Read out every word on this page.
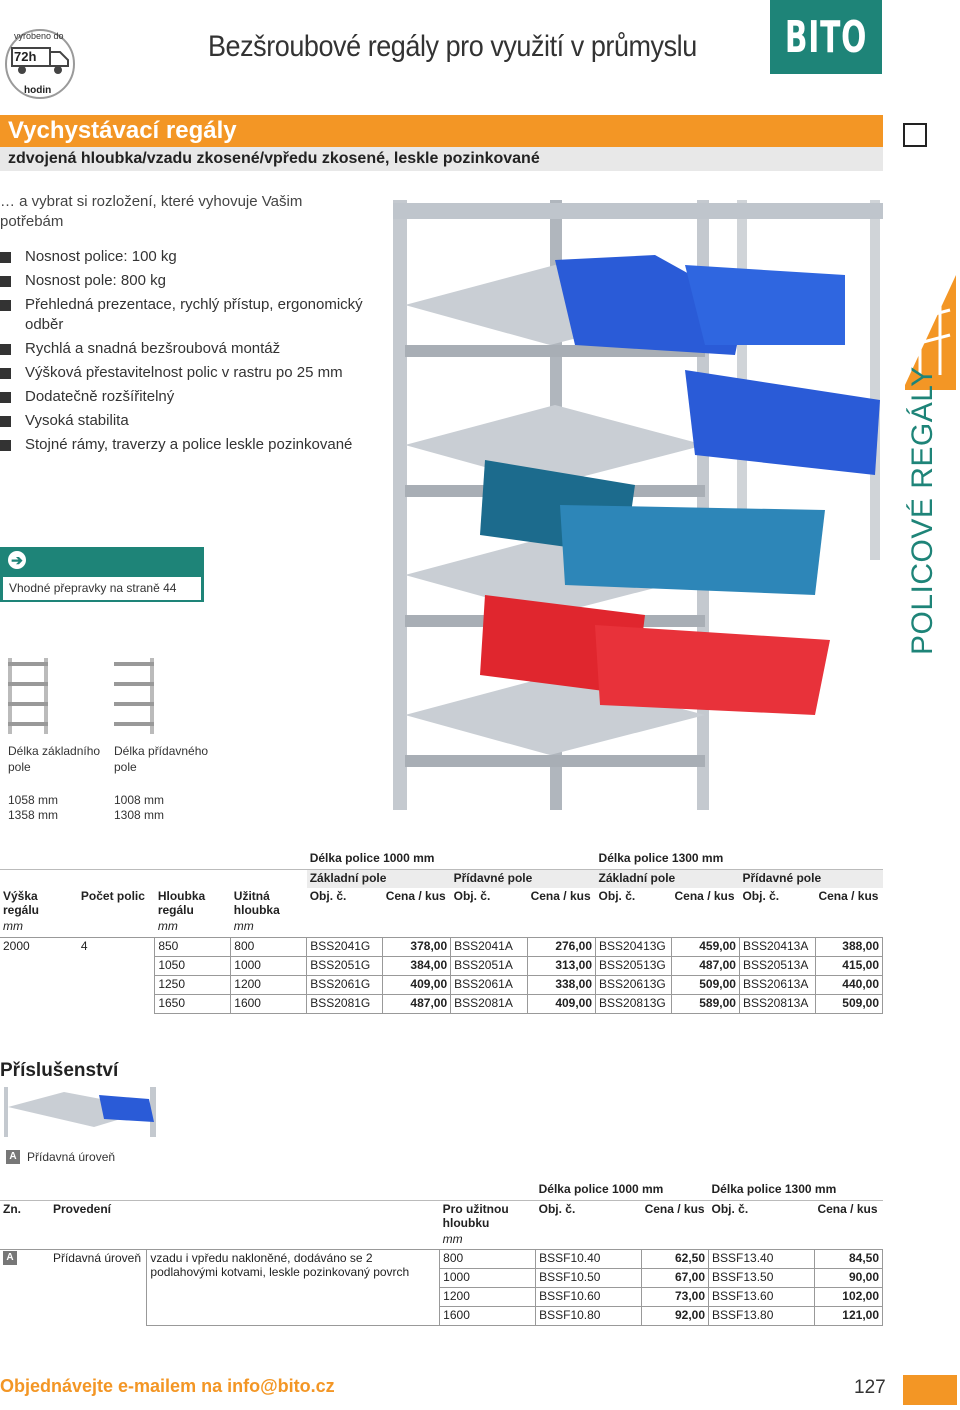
vyrobeno do
72h
hodin
Bezšroubové regály pro využití v průmyslu BITO
Vychystávací regály
zdvojená hloubka/vzadu zkosené/vpředu zkosené, leskle pozinkované
… a vybrat si rozložení, které vyhovuje Vašim potřebám
Nosnost police: 100 kg
Nosnost pole: 800 kg
Přehledná prezentace, rychlý přístup, ergonomický odběr
Rychlá a snadná bezšroubová montáž
Výšková přestavitelnost polic v rastru po 25 mm
Dodatečně rozšířitelný
Vysoká stabilita
Stojné rámy, traverzy a police leskle pozinkované
➔
Vhodné přepravky na straně 44
Délka základního pole
Délka přídavného pole
1058 mm
1358 mm
1008 mm
1308 mm
POLICOVÉ REGÁLY
				Délka police 1000 mm				Délka police 1300 mm			
				Základní pole		Přídavné pole		Základní pole		Přídavné pole	
Výška regálu	Počet polic	Hloubka regálu	Užitná hloubka	Obj. č.	Cena / kus	Obj. č.	Cena / kus	Obj. č.	Cena / kus	Obj. č.	Cena / kus
mm		mm	mm								
2000	4	850	800	BSS2041G	378,00	BSS2041A	276,00	BSS20413G	459,00	BSS20413A	388,00
		1050	1000	BSS2051G	384,00	BSS2051A	313,00	BSS20513G	487,00	BSS20513A	415,00
		1250	1200	BSS2061G	409,00	BSS2061A	338,00	BSS20613G	509,00	BSS20613A	440,00
		1650	1600	BSS2081G	487,00	BSS2081A	409,00	BSS20813G	589,00	BSS20813A	509,00
Příslušenství
A Přídavná úroveň
				Délka police 1000 mm		Délka police 1300 mm	
Zn.	Provedení		Pro užitnou hloubku	Obj. č.	Cena / kus	Obj. č.	Cena / kus
			mm				

A	Přídavná úroveň	vzadu i vpředu nakloněné, dodáváno se 2 podlahovými kotvami, leskle pozinkovaný povrch	800	BSSF10.40	62,50	BSSF13.40	84,50
			1000	BSSF10.50	67,00	BSSF13.50	90,00
			1200	BSSF10.60	73,00	BSSF13.60	102,00
			1600	BSSF10.80	92,00	BSSF13.80	121,00
Objednávejte e-mailem na info@bito.cz	127
